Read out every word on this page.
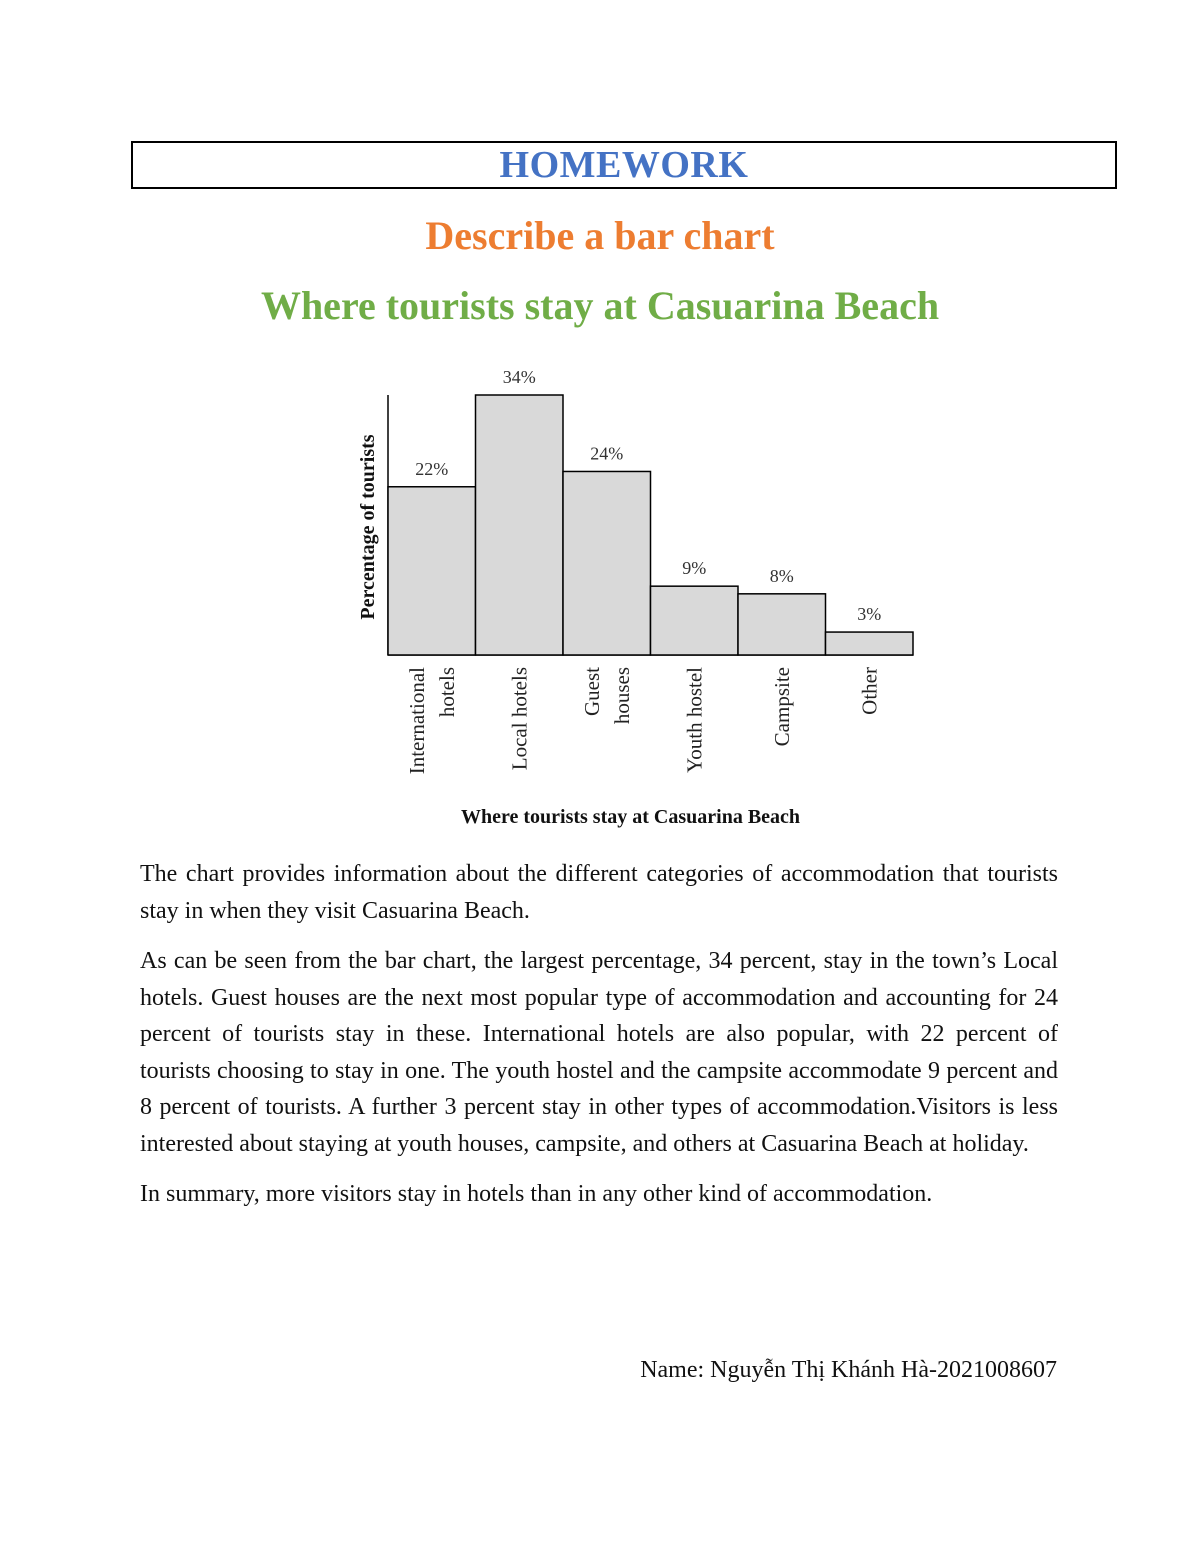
HOMEWORK
Describe a bar chart
Where tourists stay at Casuarina Beach
22%
International hotels
34%
Local hotels
24%
Guest houses
9%
Youth hostel
8%
Campsite
3%
Other
Percentage of tourists
Where tourists stay at Casuarina Beach

The chart provides information about the different categories of accommodation that tourists stay in when they visit Casuarina Beach.

As can be seen from the bar chart, the largest percentage, 34 percent, stay in the town’s Local hotels. Guest houses are the next most popular type of accommodation and accounting for 24 percent of tourists stay in these. International hotels are also popular, with 22 percent of tourists choosing to stay in one. The youth hostel and the campsite accommodate 9 percent and 8 percent of tourists. A further 3 percent stay in other types of accommodation.Visitors is less interested about staying at youth houses, campsite, and others at Casuarina Beach at holiday.

In summary, more visitors stay in hotels than in any other kind of accommodation.

Name: Nguyễn Thị Khánh Hà-2021008607
